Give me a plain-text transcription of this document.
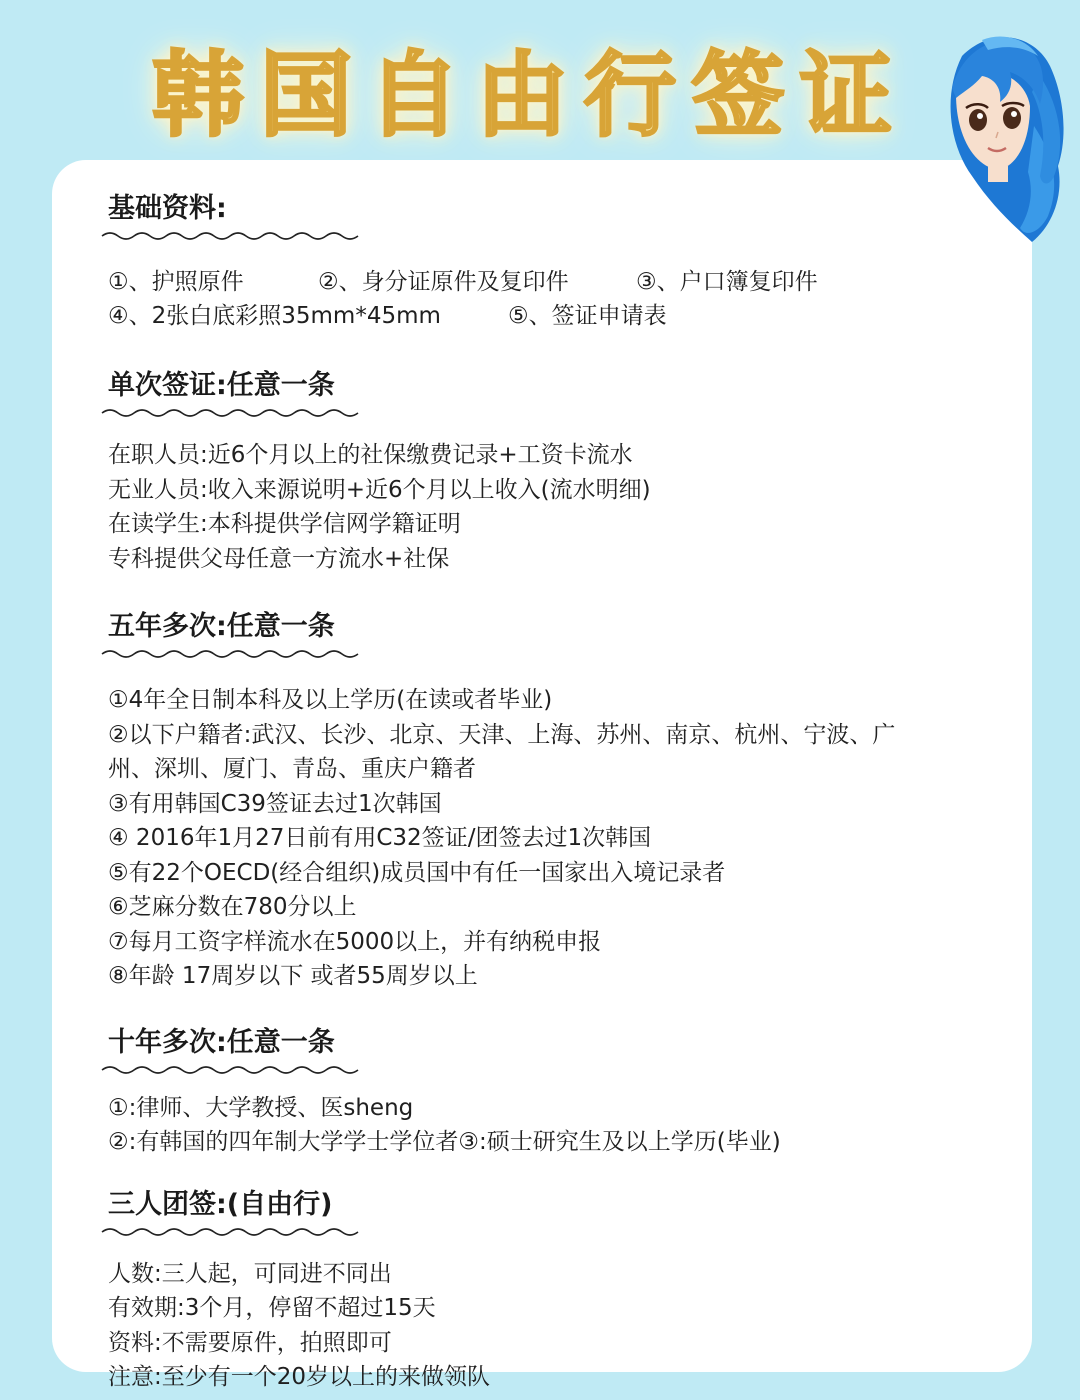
韩国自由行签证
基础资料:
①、护照原件	②、身分证原件及复印件	③、户口簿复印件
④、2张白底彩照35mm*45mm	⑤、签证申请表
单次签证:任意一条
在职人员:近6个月以上的社保缴费记录+工资卡流水
无业人员:收入来源说明+近6个月以上收入(流水明细)
在读学生:本科提供学信网学籍证明
专科提供父母任意一方流水+社保
五年多次:任意一条
①4年全日制本科及以上学历(在读或者毕业)
②以下户籍者:武汉、长沙、北京、天津、上海、苏州、南京、杭州、宁波、广
州、深圳、厦门、青岛、重庆户籍者
③有用韩国C39签证去过1次韩国
④ 2016年1月27日前有用C32签证/团签去过1次韩国
⑤有22个OECD(经合组织)成员国中有任一国家出入境记录者
⑥芝麻分数在780分以上
⑦每月工资字样流水在5000以上，并有纳税申报
⑧年龄 17周岁以下 或者55周岁以上
十年多次:任意一条
①:律师、大学教授、医sheng
②:有韩国的四年制大学学士学位者③:硕士研究生及以上学历(毕业)
三人团签:(自由行)
人数:三人起，可同进不同出
有效期:3个月，停留不超过15天
资料:不需要原件，拍照即可
注意:至少有一个20岁以上的来做领队
